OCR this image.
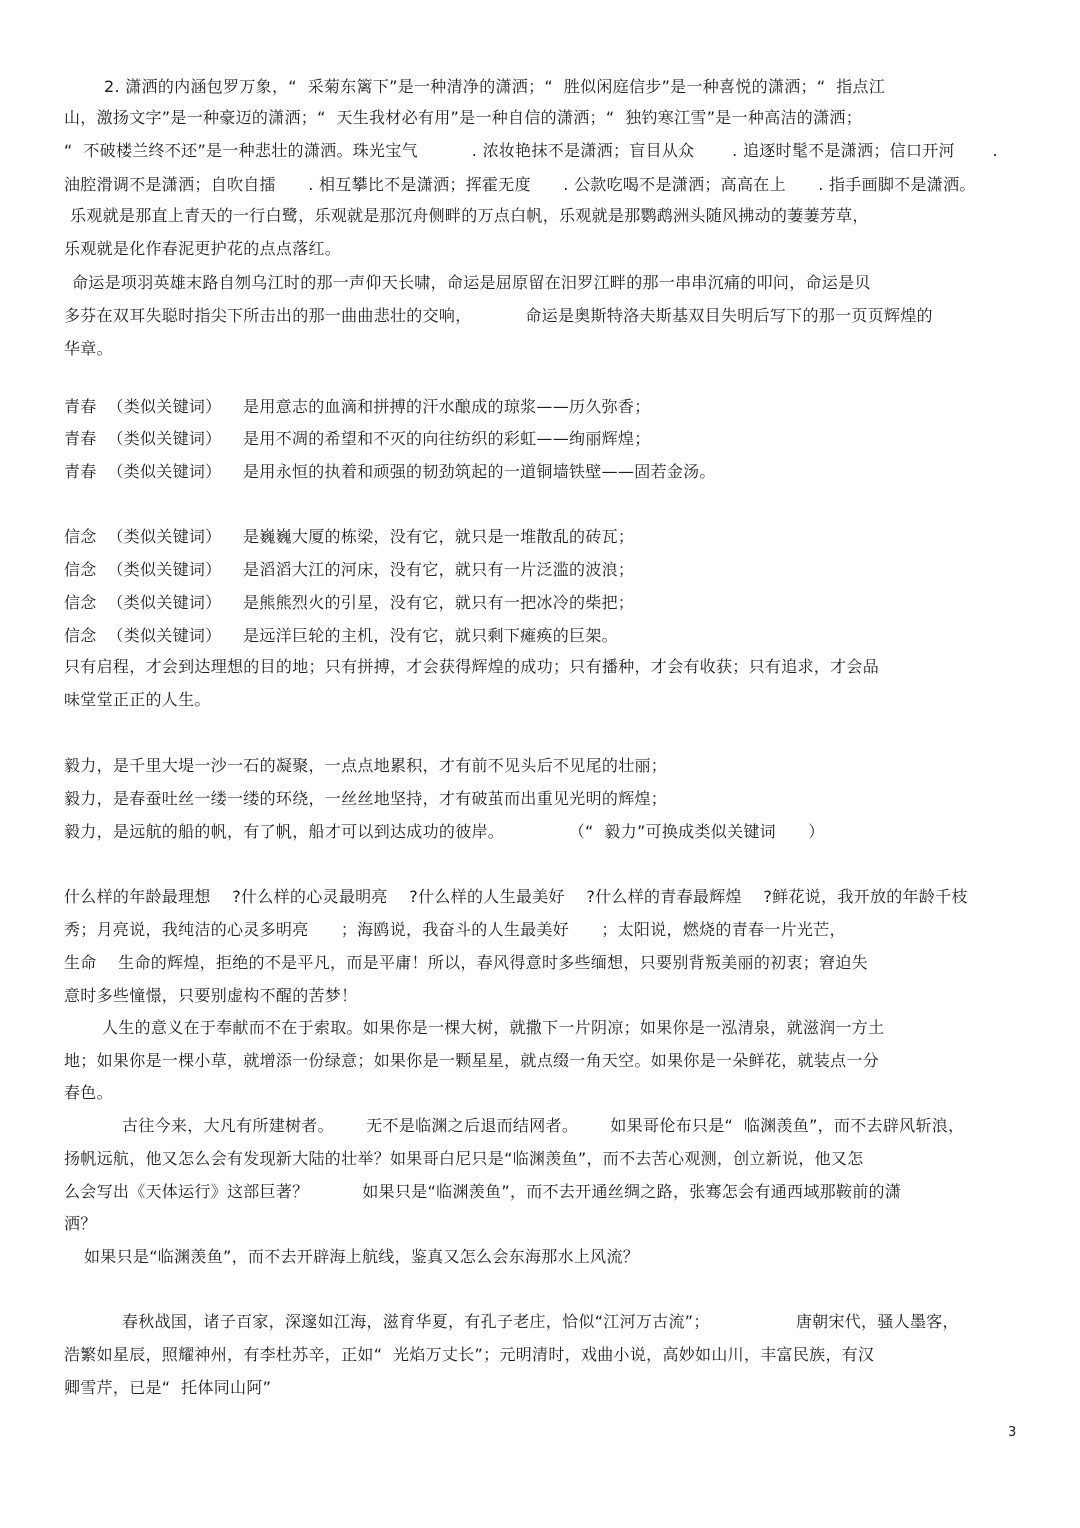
2. 潇洒的内涵包罗万象，“  采菊东篱下”是一种清净的潇洒；“  胜似闲庭信步”是一种喜悦的潇洒；“  指点江
山，激扬文字”是一种豪迈的潇洒；“  天生我材必有用”是一种自信的潇洒；“  独钓寒江雪”是一种高洁的潇洒；
“  不破楼兰终不还”是一种悲壮的潇洒。珠光宝气          . 浓妆艳抹不是潇洒；盲目从众       . 追逐时髦不是潇洒；信口开河       .
油腔滑调不是潇洒；自吹自擂      . 相互攀比不是潇洒；挥霍无度      . 公款吃喝不是潇洒；高高在上      . 指手画脚不是潇洒。
乐观就是那直上青天的一行白鹭，乐观就是那沉舟侧畔的万点白帆，乐观就是那鹦鹉洲头随风拂动的萋萋芳草，
乐观就是化作春泥更护花的点点落红。
命运是项羽英雄末路自刎乌江时的那一声仰天长啸，命运是屈原留在汨罗江畔的那一串串沉痛的叩问，命运是贝
多芬在双耳失聪时指尖下所击出的那一曲曲悲壮的交响，          命运是奥斯特洛夫斯基双目失明后写下的那一页页辉煌的
华章。
青春  （类似关键词）    是用意志的血滴和拼搏的汗水酿成的琼浆——历久弥香；
青春  （类似关键词）    是用不凋的希望和不灭的向往纺织的彩虹——绚丽辉煌；
青春  （类似关键词）    是用永恒的执着和顽强的韧劲筑起的一道铜墙铁壁——固若金汤。
信念  （类似关键词）    是巍巍大厦的栋梁，没有它，就只是一堆散乱的砖瓦；
信念  （类似关键词）    是滔滔大江的河床，没有它，就只有一片泛滥的波浪；
信念  （类似关键词）    是熊熊烈火的引星，没有它，就只有一把冰冷的柴把；
信念  （类似关键词）    是远洋巨轮的主机，没有它，就只剩下瘫痪的巨架。
只有启程，才会到达理想的目的地；只有拼搏，才会获得辉煌的成功；只有播种，才会有收获；只有追求，才会品
味堂堂正正的人生。
毅力，是千里大堤一沙一石的凝聚，一点点地累积，才有前不见头后不见尾的壮丽；
毅力，是春蚕吐丝一缕一缕的环绕，一丝丝地坚持，才有破茧而出重见光明的辉煌；
毅力，是远航的船的帆，有了帆，船才可以到达成功的彼岸。            （“  毅力”可换成类似关键词      ）
什么样的年龄最理想    ?什么样的心灵最明亮    ?什么样的人生最美好    ?什么样的青春最辉煌    ?鲜花说，我开放的年龄千枝
秀；月亮说，我纯洁的心灵多明亮      ；海鸥说，我奋斗的人生最美好      ；太阳说，燃烧的青春一片光芒，
生命    生命的辉煌，拒绝的不是平凡，而是平庸！所以，春风得意时多些缅想，只要别背叛美丽的初衷；窘迫失
意时多些憧憬，只要别虚构不醒的苦梦！
人生的意义在于奉献而不在于索取。如果你是一棵大树，就撒下一片阴凉；如果你是一泓清泉，就滋润一方土
地；如果你是一棵小草，就增添一份绿意；如果你是一颗星星，就点缀一角天空。如果你是一朵鲜花，就装点一分
春色。
古往今来，大凡有所建树者。      无不是临渊之后退而结网者。      如果哥伦布只是“  临渊羡鱼”，而不去辟风斩浪，
扬帆远航，他又怎么会有发现新大陆的壮举？如果哥白尼只是“临渊羡鱼”，而不去苦心观测，创立新说，他又怎
么会写出《天体运行》这部巨著？          如果只是“临渊羡鱼”，而不去开通丝绸之路，张骞怎会有通西域那鞍前的潇
洒？
如果只是“临渊羡鱼”，而不去开辟海上航线，鉴真又怎么会东海那水上风流？
春秋战国，诸子百家，深邃如江海，滋育华夏，有孔子老庄，恰似“江河万古流”；                唐朝宋代，骚人墨客，
浩繁如星辰，照耀神州，有李杜苏辛，正如“  光焰万丈长”；元明清时，戏曲小说，高妙如山川，丰富民族，有汉
卿雪芹，已是“  托体同山阿”
3
